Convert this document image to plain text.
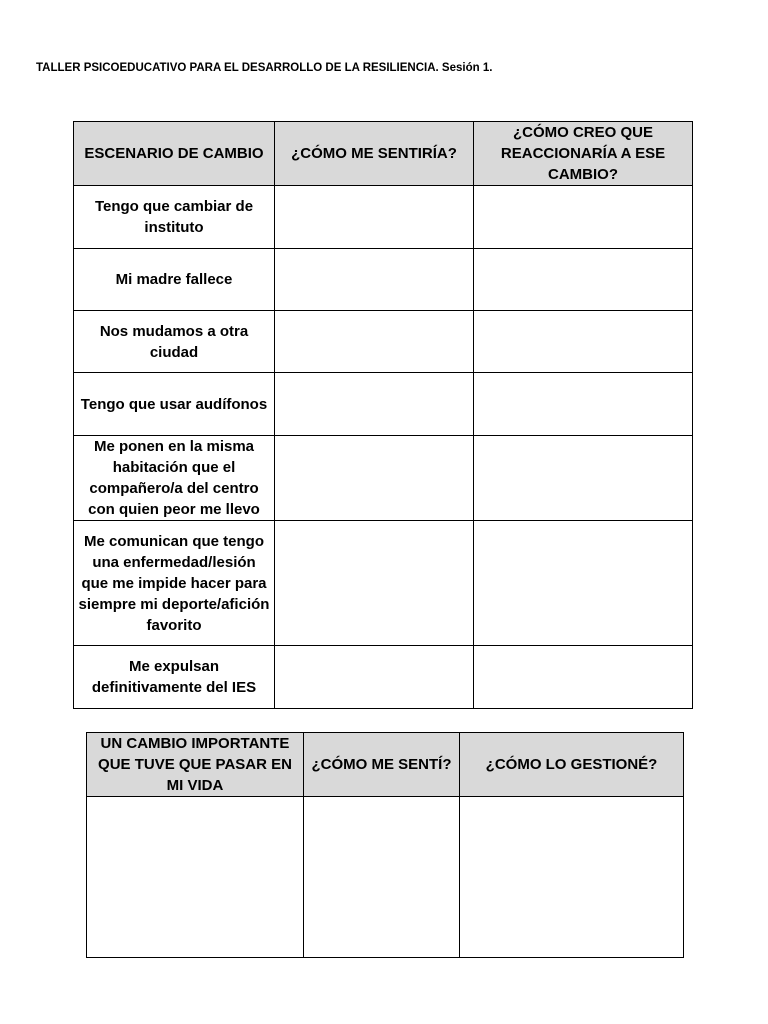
TALLER PSICOEDUCATIVO PARA EL DESARROLLO DE LA RESILIENCIA. Sesión 1.
ESCENARIO DE CAMBIO	¿CÓMO ME SENTIRÍA?	¿CÓMO CREO QUE REACCIONARÍA A ESE CAMBIO?
Tengo que cambiar de instituto		
Mi madre fallece		
Nos mudamos a otra ciudad		
Tengo que usar audífonos		
Me ponen en la misma habitación que el compañero/a del centro con quien peor me llevo		
Me comunican que tengo una enfermedad/lesión que me impide hacer para siempre mi deporte/afición favorito		
Me expulsan definitivamente del IES		
UN CAMBIO IMPORTANTE QUE TUVE QUE PASAR EN MI VIDA	¿CÓMO ME SENTÍ?	¿CÓMO LO GESTIONÉ?
